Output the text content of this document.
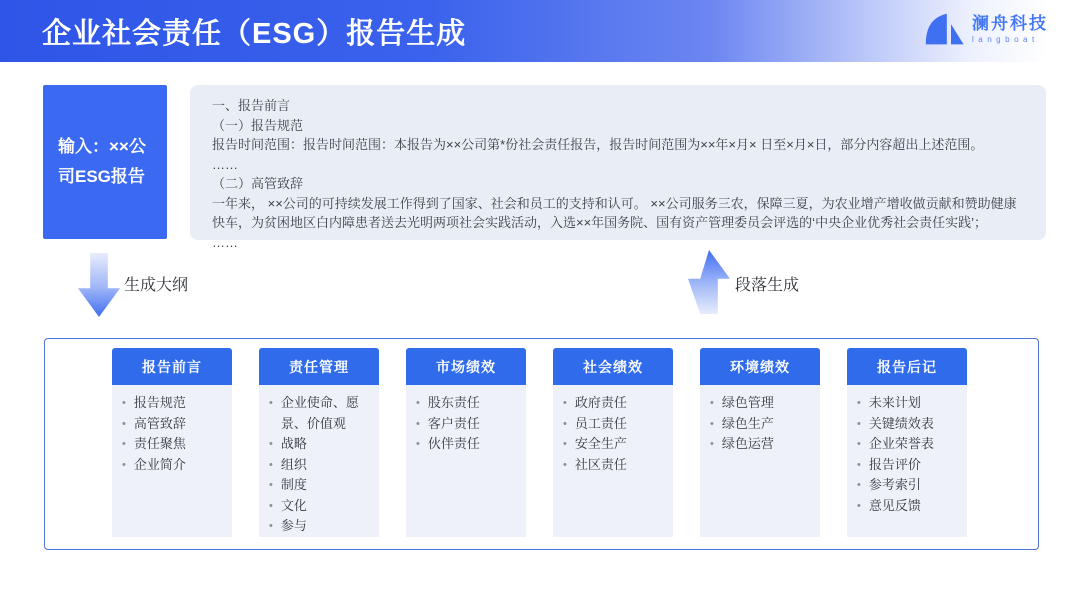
企业社会责任（ESG）报告生成	澜舟科技
langboat
输入：××公司ESG报告

一、报告前言

（一）报告规范

报告时间范围：报告时间范围：本报告为××公司第*份社会责任报告，报告时间范围为××年×月× 日至×月×日，部分内容超出上述范围。

……

（二）高管致辞

一年来， ××公司的可持续发展工作得到了国家、社会和员工的支持和认可。 ××公司服务三农，保障三夏，为农业增产增收做贡献和赞助健康快车，为贫困地区白内障患者送去光明两项社会实践活动，入选××年国务院、国有资产管理委员会评选的‘中央企业优秀社会责任实践’；

……

生成大纲	段落生成
报告前言
• 报告规范
• 高管致辞
• 责任聚焦
• 企业简介
责任管理
• 企业使命、愿景、价值观
• 战略
• 组织
• 制度
• 文化
• 参与
市场绩效
• 股东责任
• 客户责任
• 伙伴责任
社会绩效
• 政府责任
• 员工责任
• 安全生产
• 社区责任
环境绩效
• 绿色管理
• 绿色生产
• 绿色运营
报告后记
• 未来计划
• 关键绩效表
• 企业荣誉表
• 报告评价
• 参考索引
• 意见反馈
